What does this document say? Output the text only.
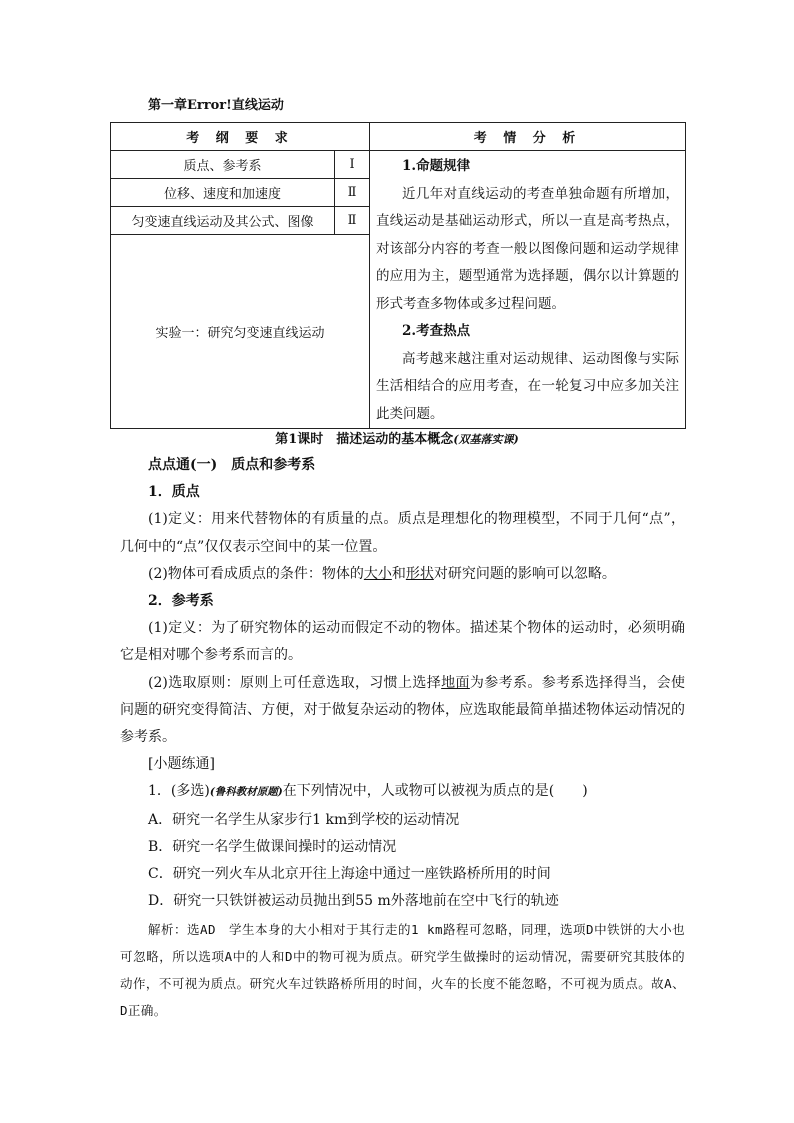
第一章Error!直线运动
考 纲 要 求		考 情 分 析
质点、参考系	Ⅰ	1.命题规律

近几年对直线运动的考查单独命题有所增加，直线运动是基础运动形式，所以一直是高考热点，对该部分内容的考查一般以图像问题和运动学规律的应用为主，题型通常为选择题，偶尔以计算题的形式考查多物体或多过程问题。

2.考查热点

高考越来越注重对运动规律、运动图像与实际生活相结合的应用考查，在一轮复习中应多加关注此类问题。

位移、速度和加速度	Ⅱ	
匀变速直线运动及其公式、图像	Ⅱ	
实验一：研究匀变速直线运动		
第1课时　描述运动的基本概念(双基落实课)

点点通(一)　质点和参考系

1．质点

(1)定义：用来代替物体的有质量的点。质点是理想化的物理模型，不同于几何“点”，几何中的“点”仅仅表示空间中的某一位置。

(2)物体可看成质点的条件：物体的大小和形状对研究问题的影响可以忽略。

2．参考系

(1)定义：为了研究物体的运动而假定不动的物体。描述某个物体的运动时，必须明确它是相对哪个参考系而言的。

(2)选取原则：原则上可任意选取，习惯上选择地面为参考系。参考系选择得当，会使问题的研究变得简洁、方便，对于做复杂运动的物体，应选取能最简单描述物体运动情况的参考系。

[小题练通]

1．(多选)(鲁科教材原题)在下列情况中，人或物可以被视为质点的是(　　)

A．研究一名学生从家步行1 km到学校的运动情况

B．研究一名学生做课间操时的运动情况

C．研究一列火车从北京开往上海途中通过一座铁路桥所用的时间

D．研究一只铁饼被运动员抛出到55 m外落地前在空中飞行的轨迹

解析：选AD　学生本身的大小相对于其行走的1 km路程可忽略，同理，选项D中铁饼的大小也可忽略，所以选项A中的人和D中的物可视为质点。研究学生做操时的运动情况，需要研究其肢体的动作，不可视为质点。研究火车过铁路桥所用的时间，火车的长度不能忽略，不可视为质点。故A、D正确。
